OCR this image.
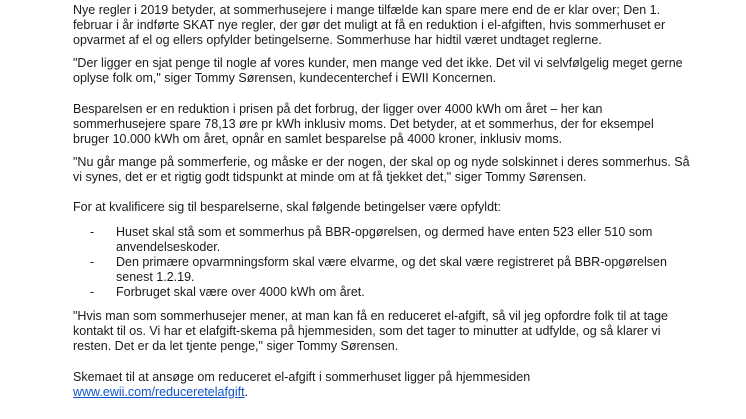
Nye regler i 2019 betyder, at sommerhusejere i mange tilfælde kan spare mere end de er klar over; Den 1. februar i år indførte SKAT nye regler, der gør det muligt at få en reduktion i el-afgiften, hvis sommerhuset er opvarmet af el og ellers opfylder betingelserne. Sommerhuse har hidtil været undtaget reglerne.

"Der ligger en sjat penge til nogle af vores kunder, men mange ved det ikke. Det vil vi selvfølgelig meget gerne oplyse folk om," siger Tommy Sørensen, kundecenterchef i EWII Koncernen.

Besparelsen er en reduktion i prisen på det forbrug, der ligger over 4000 kWh om året – her kan sommerhusejere spare 78,13 øre pr kWh inklusiv moms. Det betyder, at et sommerhus, der for eksempel bruger 10.000 kWh om året, opnår en samlet besparelse på 4000 kroner, inklusiv moms.

"Nu går mange på sommerferie, og måske er der nogen, der skal op og nyde solskinnet i deres sommerhus. Så vi synes, det er et rigtig godt tidspunkt at minde om at få tjekket det," siger Tommy Sørensen.

For at kvalificere sig til besparelserne, skal følgende betingelser være opfyldt:

- Huset skal stå som et sommerhus på BBR-opgørelsen, og dermed have enten 523 eller 510 som anvendelseskoder.
- Den primære opvarmningsform skal være elvarme, og det skal være registreret på BBR-opgørelsen senest 1.2.19.
- Forbruget skal være over 4000 kWh om året.

"Hvis man som sommerhusejer mener, at man kan få en reduceret el-afgift, så vil jeg opfordre folk til at tage kontakt til os. Vi har et elafgift-skema på hjemmesiden, som det tager to minutter at udfylde, og så klarer vi resten. Det er da let tjente penge," siger Tommy Sørensen.

Skemaet til at ansøge om reduceret el-afgift i sommerhuset ligger på hjemmesiden
www.ewii.com/reduceretelafgift.
